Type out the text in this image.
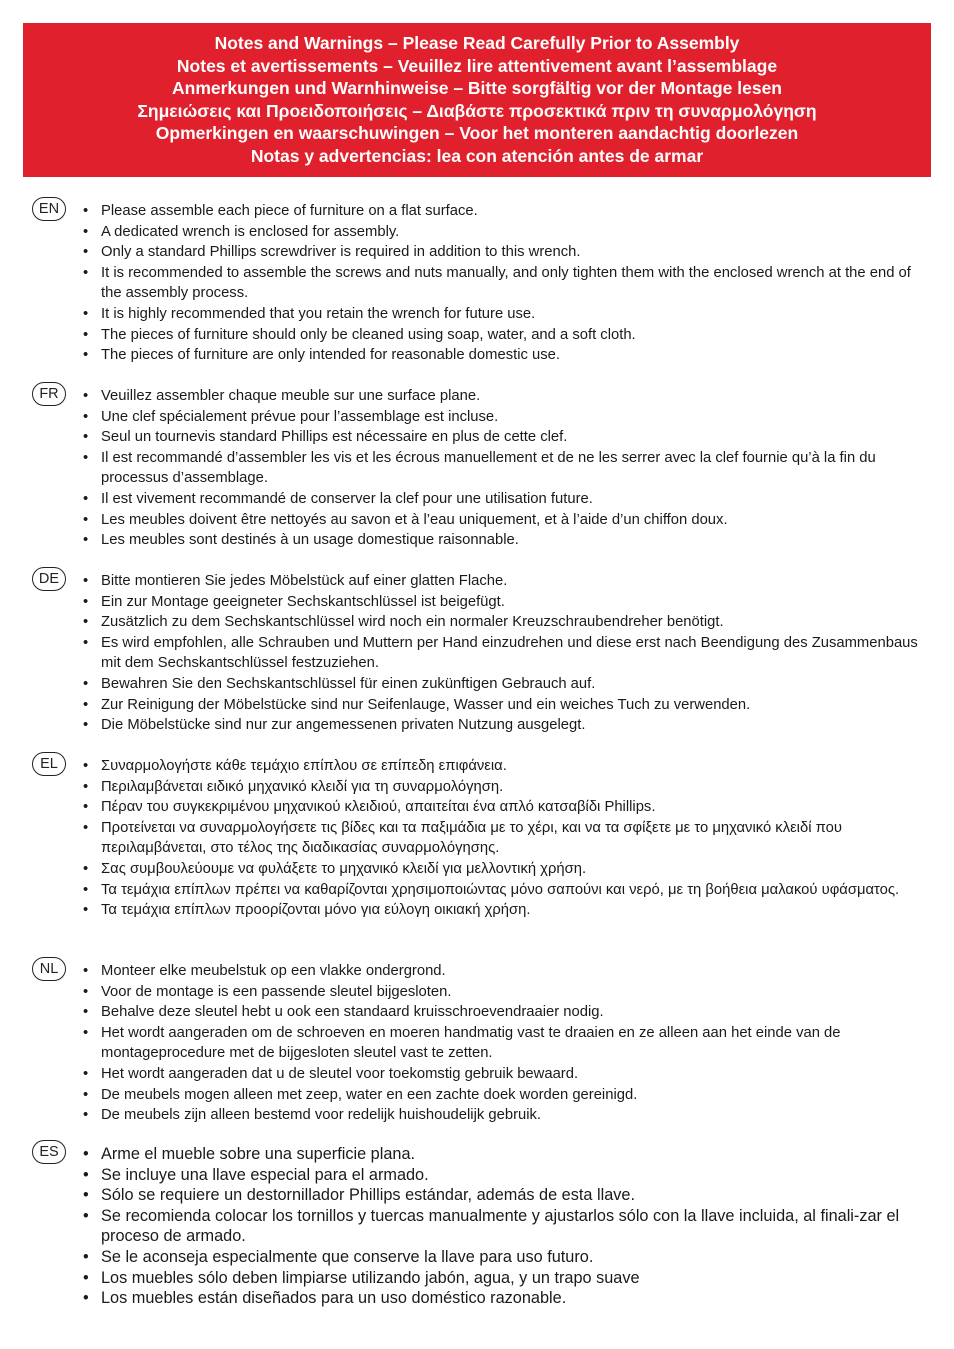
Notes and Warnings – Please Read Carefully Prior to Assembly
Notes et avertissements – Veuillez lire attentivement avant l’assemblage
Anmerkungen und Warnhinweise – Bitte sorgfältig vor der Montage lesen
Σημειώσεις και Προειδοποιήσεις – Διαβάστε προσεκτικά πριν τη συναρμολόγηση
Opmerkingen en waarschuwingen – Voor het monteren aandachtig doorlezen
Notas y advertencias: lea con atención antes de armar
EN	• Please assemble each piece of furniture on a flat surface.
• A dedicated wrench is enclosed for assembly.
• Only a standard Phillips screwdriver is required in addition to this wrench.
• It is recommended to assemble the screws and nuts manually, and only tighten them with the enclosed wrench at the end of the assembly process.
• It is highly recommended that you retain the wrench for future use.
• The pieces of furniture should only be cleaned using soap, water, and a soft cloth.
• The pieces of furniture are only intended for reasonable domestic use.
FR	• Veuillez assembler chaque meuble sur une surface plane.
• Une clef spécialement prévue pour l’assemblage est incluse.
• Seul un tournevis standard Phillips est nécessaire en plus de cette clef.
• Il est recommandé d’assembler les vis et les écrous manuellement et de ne les serrer avec la clef fournie qu’à la fin du processus d’assemblage.
• Il est vivement recommandé de conserver la clef pour une utilisation future.
• Les meubles doivent être nettoyés au savon et à l’eau uniquement, et à l’aide d’un chiffon doux.
• Les meubles sont destinés à un usage domestique raisonnable.
DE	• Bitte montieren Sie jedes Möbelstück auf einer glatten Flache.
• Ein zur Montage geeigneter Sechskantschlüssel ist beigefügt.
• Zusätzlich zu dem Sechskantschlüssel wird noch ein normaler Kreuzschraubendreher benötigt.
• Es wird empfohlen, alle Schrauben und Muttern per Hand einzudrehen und diese erst nach Beendigung des Zusammenbaus mit dem Sechskantschlüssel festzuziehen.
• Bewahren Sie den Sechskantschlüssel für einen zukünftigen Gebrauch auf.
• Zur Reinigung der Möbelstücke sind nur Seifenlauge, Wasser und ein weiches Tuch zu verwenden.
• Die Möbelstücke sind nur zur angemessenen privaten Nutzung ausgelegt.
EL	• Συναρμολογήστε κάθε τεμάχιο επίπλου σε επίπεδη επιφάνεια.
• Περιλαμβάνεται ειδικό μηχανικό κλειδί για τη συναρμολόγηση.
• Πέραν του συγκεκριμένου μηχανικού κλειδιού, απαιτείται ένα απλό κατσαβίδι Phillips.
• Προτείνεται να συναρμολογήσετε τις βίδες και τα παξιμάδια με το χέρι, και να τα σφίξετε με το μηχανικό κλειδί που περιλαμβάνεται, στο τέλος της διαδικασίας συναρμολόγησης.
• Σας συμβουλεύουμε να φυλάξετε το μηχανικό κλειδί για μελλοντική χρήση.
• Τα τεμάχια επίπλων πρέπει να καθαρίζονται χρησιμοποιώντας μόνο σαπούνι και νερό, με τη βοήθεια μαλακού υφάσματος.
• Τα τεμάχια επίπλων προορίζονται μόνο για εύλογη οικιακή χρήση.
NL	• Monteer elke meubelstuk op een vlakke ondergrond.
• Voor de montage is een passende sleutel bijgesloten.
• Behalve deze sleutel hebt u ook een standaard kruisschroevendraaier nodig.
• Het wordt aangeraden om de schroeven en moeren handmatig vast te draaien en ze alleen aan het einde van de montageprocedure met de bijgesloten sleutel vast te zetten.
• Het wordt aangeraden dat u de sleutel voor toekomstig gebruik bewaard.
• De meubels mogen alleen met zeep, water en een zachte doek worden gereinigd.
• De meubels zijn alleen bestemd voor redelijk huishoudelijk gebruik.
ES	• Arme el mueble sobre una superficie plana.
• Se incluye una llave especial para el armado.
• Sólo se requiere un destornillador Phillips estándar, además de esta llave.
• Se recomienda colocar los tornillos y tuercas manualmente y ajustarlos sólo con la llave incluida, al finali-zar el proceso de armado.
• Se le aconseja especialmente que conserve la llave para uso futuro.
• Los muebles sólo deben limpiarse utilizando jabón, agua, y un trapo suave
• Los muebles están diseñados para un uso doméstico razonable.
